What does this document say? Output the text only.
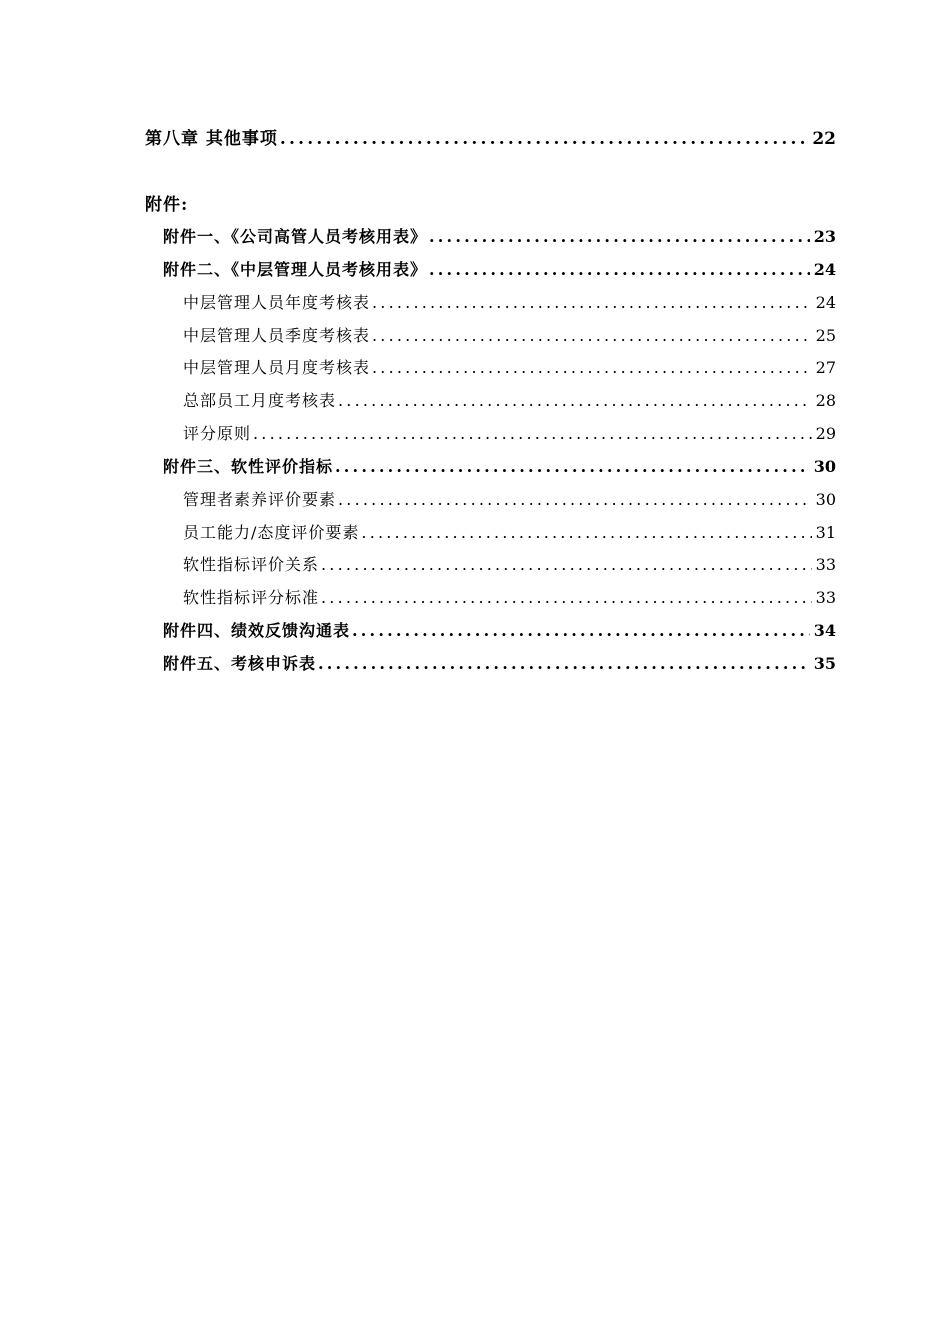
第八章 其他事项 .....	22
附件:
附件一、《公司高管人员考核用表》 .....	23
附件二、《中层管理人员考核用表》 .....	24
中层管理人员年度考核表 .....	24
中层管理人员季度考核表 .....	25
中层管理人员月度考核表 .....	27
总部员工月度考核表 .....	28
评分原则 .....	29
附件三、软性评价指标 .....	30
管理者素养评价要素 .....	30
员工能力/态度评价要素 .....	31
软性指标评价关系 .....	33
软性指标评分标准 .....	33
附件四、绩效反馈沟通表 .....	34
附件五、考核申诉表 .....	35
